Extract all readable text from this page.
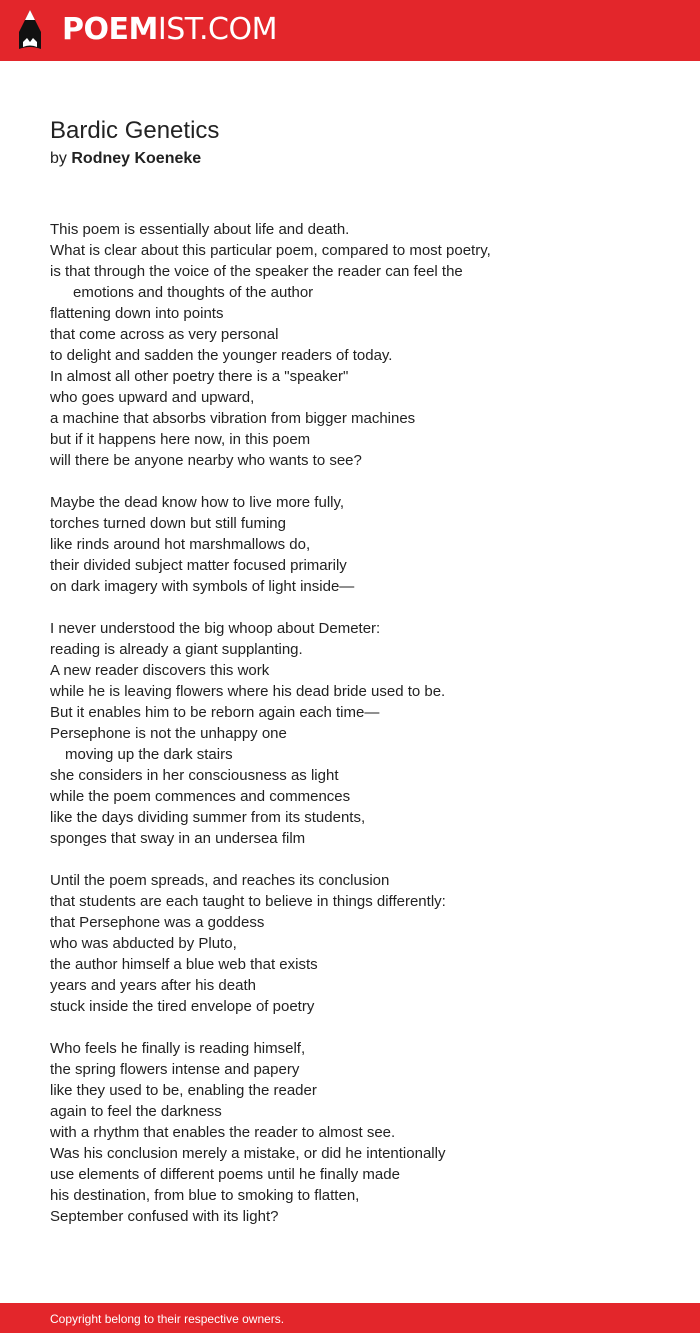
POEMIST.COM
Bardic Genetics
by Rodney Koeneke
This poem is essentially about life and death.
What is clear about this particular poem, compared to most poetry,
is that through the voice of the speaker the reader can feel the
emotions and thoughts of the author
flattening down into points
that come across as very personal
to delight and sadden the younger readers of today.
In almost all other poetry there is a "speaker"
who goes upward and upward,
a machine that absorbs vibration from bigger machines
but if it happens here now, in this poem
will there be anyone nearby who wants to see?
Maybe the dead know how to live more fully,
torches turned down but still fuming
like rinds around hot marshmallows do,
their divided subject matter focused primarily
on dark imagery with symbols of light inside—
I never understood the big whoop about Demeter:
reading is already a giant supplanting.
A new reader discovers this work
while he is leaving flowers where his dead bride used to be.
But it enables him to be reborn again each time—
Persephone is not the unhappy one
moving up the dark stairs
she considers in her consciousness as light
while the poem commences and commences
like the days dividing summer from its students,
sponges that sway in an undersea film
Until the poem spreads, and reaches its conclusion
that students are each taught to believe in things differently:
that Persephone was a goddess
who was abducted by Pluto,
the author himself a blue web that exists
years and years after his death
stuck inside the tired envelope of poetry
Who feels he finally is reading himself,
the spring flowers intense and papery
like they used to be, enabling the reader
again to feel the darkness
with a rhythm that enables the reader to almost see.
Was his conclusion merely a mistake, or did he intentionally
use elements of different poems until he finally made
his destination, from blue to smoking to flatten,
September confused with its light?
Copyright belong to their respective owners.
